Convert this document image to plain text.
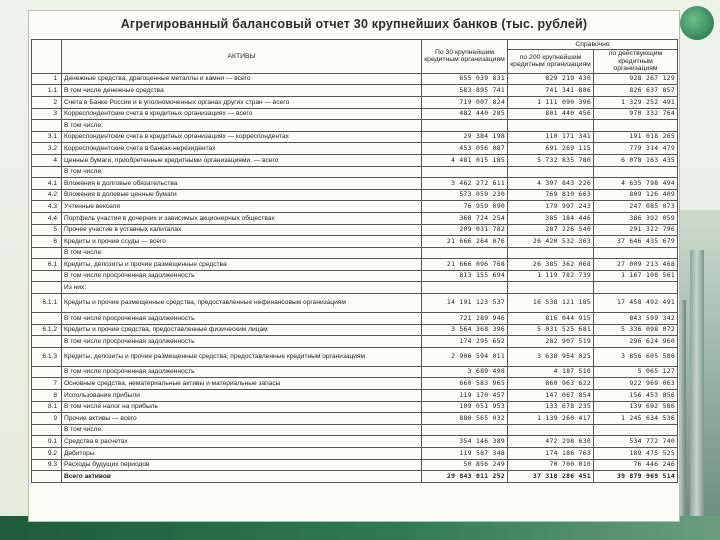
Агрегированный балансовый отчет 30 крупнейших банков (тыс. рублей)
	АКТИВЫ	По 30 крупнейшим кредитным организациям	Справочно	
			по 200 крупнейшим кредитным организациям	по действующим кредитным организациям
1	Денежные средства, драгоценные металлы и камни — всего	655 039 831	829 219 430	928 267 129
1.1	В том числе денежные средства	583 895 741	741 341 886	826 637 857
2	Счета в Банке России и в уполномоченных органах других стран — всего	719 007 824	1 111 090 396	1 329 252 491
3	Корреспондентские счета в кредитных организациях — всего	482 440 285	801 440 456	970 332 764
	В том числе:			
3.1	Корреспондентские счета в кредитных организациях — корреспондентах	29 384 198	110 171 341	191 018 265
3.2	Корреспондентские счета в банках-нерезидентах	453 056 087	691 269 115	779 314 479
4	Ценные бумаги, приобретенные кредитными организациями, — всего	4 481 015 185	5 732 835 780	6 078 163 435
	В том числе:			
4.1	Вложения в долговые обязательства	3 462 272 611	4 397 843 226	4 635 798 494
4.2	Вложения в долевые ценные бумаги	573 059 230	769 810 663	809 126 409
4.3	Учтенные векселя	76 959 090	179 997 243	247 085 073
4.4	Портфель участия в дочерних и зависимых акционерных обществах	368 724 254	385 184 446	386 392 059
5	Прочее участие в уставных капиталах	209 031 782	287 226 540	291 322 796
6	Кредиты и прочие ссуды — всего	21 666 264 076	26 420 532 363	37 646 435 679
	В том числе:			
6.1	Кредиты, депозиты и прочие размещенные средства	21 666 096 768	26 385 362 068	27 009 213 468
	В том числе просроченная задолженность	813 155 694	1 119 782 739	1 167 108 561
	Из них:			
6.1.1	Кредиты и прочие размещенные средства, предоставленные нефинансовым организациям	14 191 123 537	16 538 121 185	17 458 492 491
	В том числе просроченная задолженность	721 289 946	816 044 915	843 599 342
6.1.2	Кредиты и прочие средства, предоставленные физическим лицам	3 564 368 396	5 031 525 681	5 336 098 072
	В том числе просроченная задолженность	174 295 652	282 907 519	296 624 960
6.1.3	Кредиты, депозиты и прочие размещенные средства, предоставленные кредитным организациям	2 906 594 011	3 638 954 025	3 856 605 580
	В том числе просроченная задолженность	3 689 498	4 187 510	5 065 127
7	Основные средства, нематериальные активы и материальные запасы	660 583 965	860 963 622	922 969 063
8	Использование прибыли	119 170 457	147 067 854	156 453 856
8.1	В том числе налог на прибыль	109 051 953	133 678 235	139 692 586
9	Прочие активы — всего	880 565 032	1 139 260 417	1 245 634 536
	В том числе:			
9.1	Средства в расчетах	354 146 389	472 298 630	534 772 740
9.2	Дебиторы	119 587 348	174 186 763	189 475 525
9.3	Расходы будущих периодов	50 856 249	70 700 010	76 446 246
	Всего активов	29 843 011 252	37 318 286 451	39 879 969 514
